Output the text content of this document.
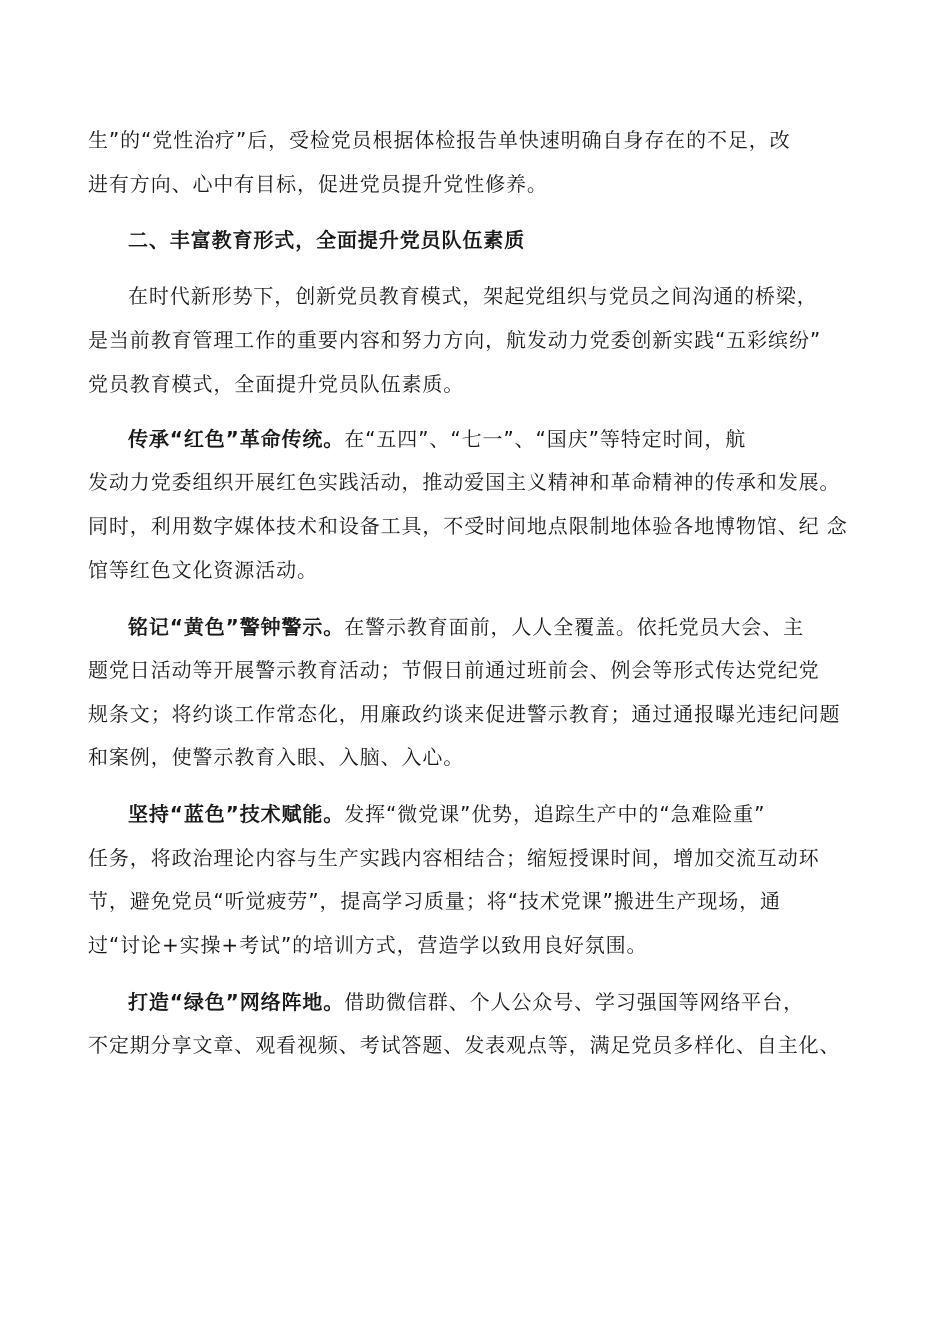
生”的“党性治疗”后，受检党员根据体检报告单快速明确自身存在的不足，改
进有方向、心中有目标，促进党员提升党性修养。
二、丰富教育形式，全面提升党员队伍素质
在时代新形势下，创新党员教育模式，架起党组织与党员之间沟通的桥梁，
是当前教育管理工作的重要内容和努力方向，航发动力党委创新实践“五彩缤纷”
党员教育模式，全面提升党员队伍素质。
传承“红色”革命传统。在“五四”、“七一”、“国庆”等特定时间，航
发动力党委组织开展红色实践活动，推动爱国主义精神和革命精神的传承和发展。
同时，利用数字媒体技术和设备工具，不受时间地点限制地体验各地博物馆、纪 念
馆等红色文化资源活动。
铭记“黄色”警钟警示。在警示教育面前，人人全覆盖。依托党员大会、主
题党日活动等开展警示教育活动；节假日前通过班前会、例会等形式传达党纪党
规条文；将约谈工作常态化，用廉政约谈来促进警示教育；通过通报曝光违纪问题
和案例，使警示教育入眼、入脑、入心。
坚持“蓝色”技术赋能。发挥“微党课”优势，追踪生产中的“急难险重”
任务，将政治理论内容与生产实践内容相结合；缩短授课时间，增加交流互动环
节，避免党员“听觉疲劳”，提高学习质量；将“技术党课”搬进生产现场，通
过“讨论+实操+考试”的培训方式，营造学以致用良好氛围。
打造“绿色”网络阵地。借助微信群、个人公众号、学习强国等网络平台，
不定期分享文章、观看视频、考试答题、发表观点等，满足党员多样化、自主化、
